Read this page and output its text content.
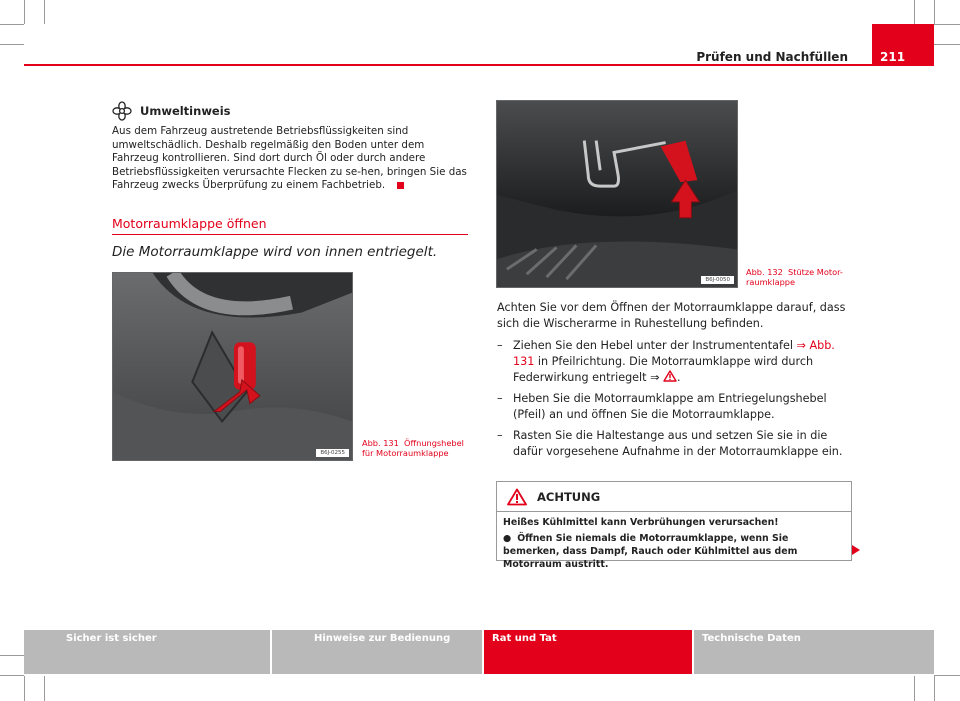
Prüfen und Nachfüllen	211
Umweltinweis
Aus dem Fahrzeug austretende Betriebsflüssigkeiten sind umweltschädlich. Deshalb regelmäßig den Boden unter dem Fahrzeug kontrollieren. Sind dort durch Öl oder durch andere Betriebsflüssigkeiten verursachte Flecken zu se-hen, bringen Sie das Fahrzeug zwecks Überprüfung zu einem Fachbetrieb.
Motorraumklappe öffnen
Die Motorraumklappe wird von innen entriegelt.
B6J-0255
Abb. 131 Öffnungshebel für Motorraumklappe
B6J-0050
Abb. 132 Stütze Motor-raumklappe

Achten Sie vor dem Öffnen der Motorraumklappe darauf, dass sich die Wischerarme in Ruhestellung befinden.

– Ziehen Sie den Hebel unter der Instrumententafel ⇒ Abb. 131 in Pfeilrichtung. Die Motorraumklappe wird durch Federwirkung entriegelt ⇒ .
– Heben Sie die Motorraumklappe am Entriegelungshebel (Pfeil) an und öffnen Sie die Motorraumklappe.
– Rasten Sie die Haltestange aus und setzen Sie sie in die dafür vorgesehene Aufnahme in der Motorraumklappe ein.
ACHTUNG
Heißes Kühlmittel kann Verbrühungen verursachen!
● Öffnen Sie niemals die Motorraumklappe, wenn Sie bemerken, dass Dampf, Rauch oder Kühlmittel aus dem Motorraum austritt.
Sicher ist sicher	Hinweise zur Bedienung	Rat und Tat	Technische Daten
